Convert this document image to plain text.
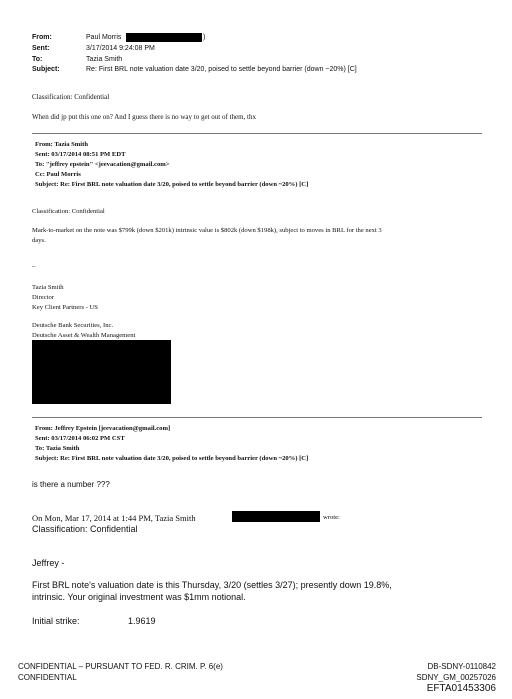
From:	Paul Morris	)
Sent:	3/17/2014 9:24:08 PM
To:	Tazia Smith
Subject:	Re: First BRL note valuation date 3/20, poised to settle beyond barrier (down ~20%) [C]
Classification: Confidential
When did jp put this one on? And I guess there is no way to get out of them, thx
From: Tazia Smith
Sent: 03/17/2014 08:51 PM EDT
To: "jeffrey epstein" <jeevacation@gmail.com>
Cc: Paul Morris
Subject: Re: First BRL note valuation date 3/20, poised to settle beyond barrier (down ~20%) [C]
Classification: Confidential
Mark-to-market on the note was $799k (down $201k) intrinsic value is $802k (down $198k), subject to moves in BRL for the next 3
days.
–
Tazia Smith
Director
Key Client Partners - US
Deutsche Bank Securities, Inc.
Deutsche Asset & Wealth Management
From: Jeffrey Epstein [jeevacation@gmail.com]
Sent: 03/17/2014 06:02 PM CST
To: Tazia Smith
Subject: Re: First BRL note valuation date 3/20, poised to settle beyond barrier (down ~20%) [C]
is there a number ???
On Mon, Mar 17, 2014 at 1:44 PM, Tazia Smith	wrote:
Classification: Confidential
Jeffrey -
First BRL note's valuation date is this Thursday, 3/20 (settles 3/27); presently down 19.8%,
intrinsic. Your original investment was $1mm notional.
Initial strike:	1.9619
CONFIDENTIAL – PURSUANT TO FED. R. CRIM. P. 6(e)
CONFIDENTIAL
DB-SDNY-0110842
SDNY_GM_00257026
EFTA01453306
